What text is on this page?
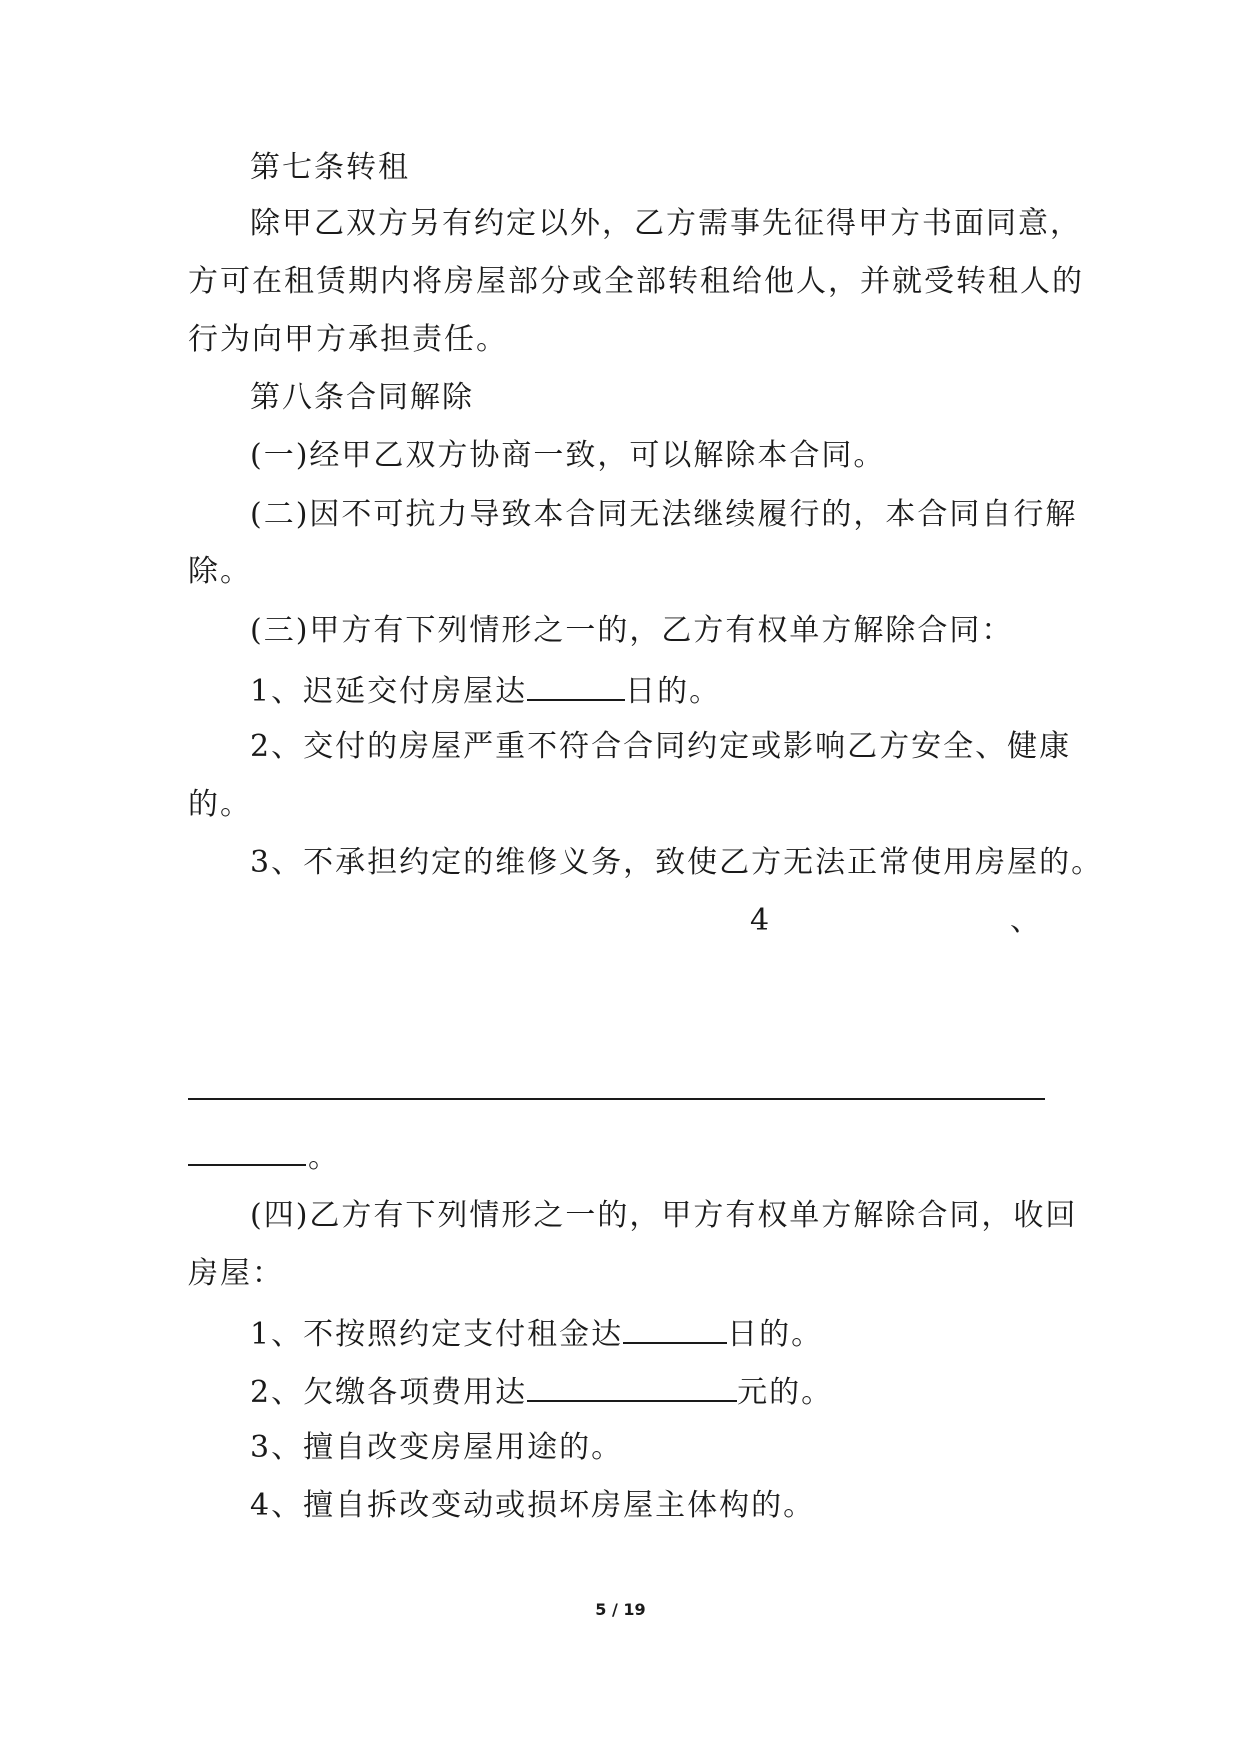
第七条转租
除甲乙双方另有约定以外，乙方需事先征得甲方书面同意，
方可在租赁期内将房屋部分或全部转租给他人，并就受转租人的
行为向甲方承担责任。
第八条合同解除
(一)经甲乙双方协商一致，可以解除本合同。
(二)因不可抗力导致本合同无法继续履行的，本合同自行解
除。
(三)甲方有下列情形之一的，乙方有权单方解除合同：
1、迟延交付房屋达	日的。
2、交付的房屋严重不符合合同约定或影响乙方安全、健康
的。
3、不承担约定的维修义务，致使乙方无法正常使用房屋的。
4	、
。
(四)乙方有下列情形之一的，甲方有权单方解除合同，收回
房屋：
1、不按照约定支付租金达	日的。
2、欠缴各项费用达	元的。
3、擅自改变房屋用途的。
4、擅自拆改变动或损坏房屋主体构的。
5 / 19
